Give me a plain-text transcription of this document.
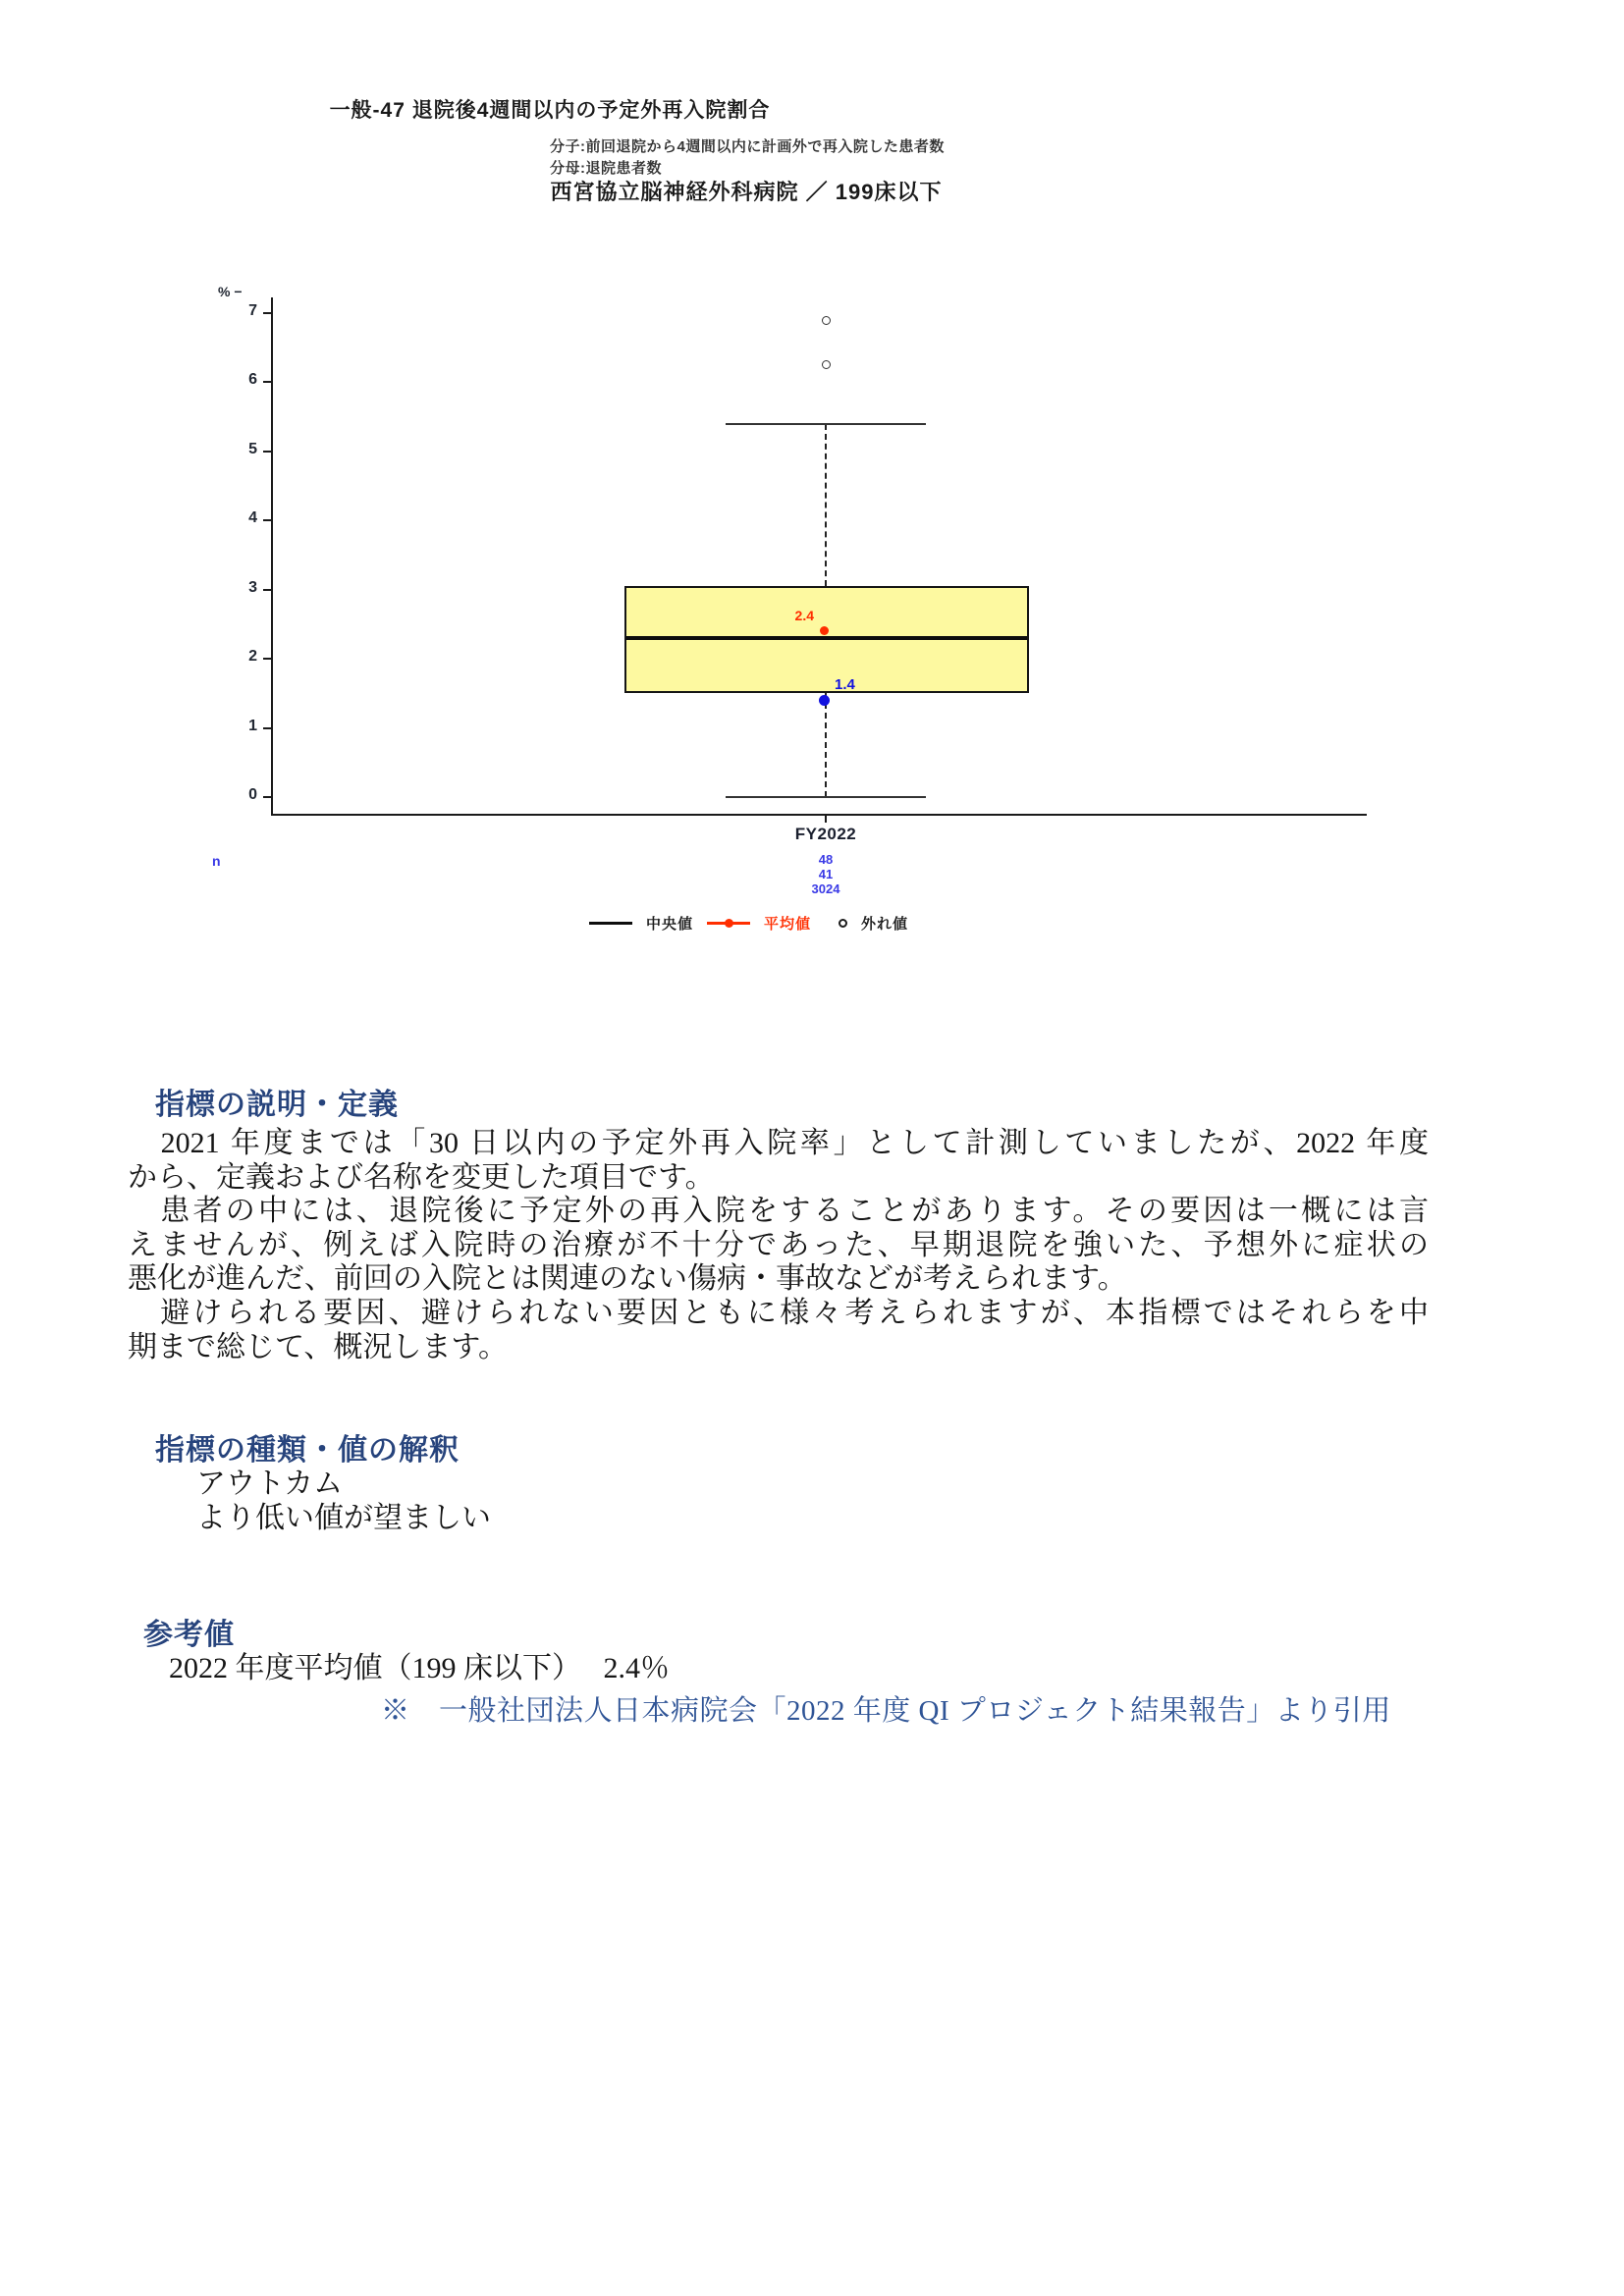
一般-47 退院後4週間以内の予定外再入院割合
分子:前回退院から4週間以内に計画外で再入院した患者数
分母:退院患者数
西宮協立脳神経外科病院 ／ 199床以下
% −
0
1
2
3
4
5
6
7
FY2022
2.4
1.4
n	48
41
3024
中央値	平均値	外れ値
指標の説明・定義
　2021 年度までは「30 日以内の予定外再入院率」として計測していましたが、2022 年度
から、定義および名称を変更した項目です。
　患者の中には、退院後に予定外の再入院をすることがあります。その要因は一概には言
えませんが、例えば入院時の治療が不十分であった、早期退院を強いた、予想外に症状の
悪化が進んだ、前回の入院とは関連のない傷病・事故などが考えられます。
　避けられる要因、避けられない要因ともに様々考えられますが、本指標ではそれらを中
期まで総じて、概況します。
指標の種類・値の解釈
アウトカム
より低い値が望ましい
参考値
2022 年度平均値（199 床以下）　 2.4％
※　一般社団法人日本病院会「2022 年度 QI プロジェクト結果報告」より引用
